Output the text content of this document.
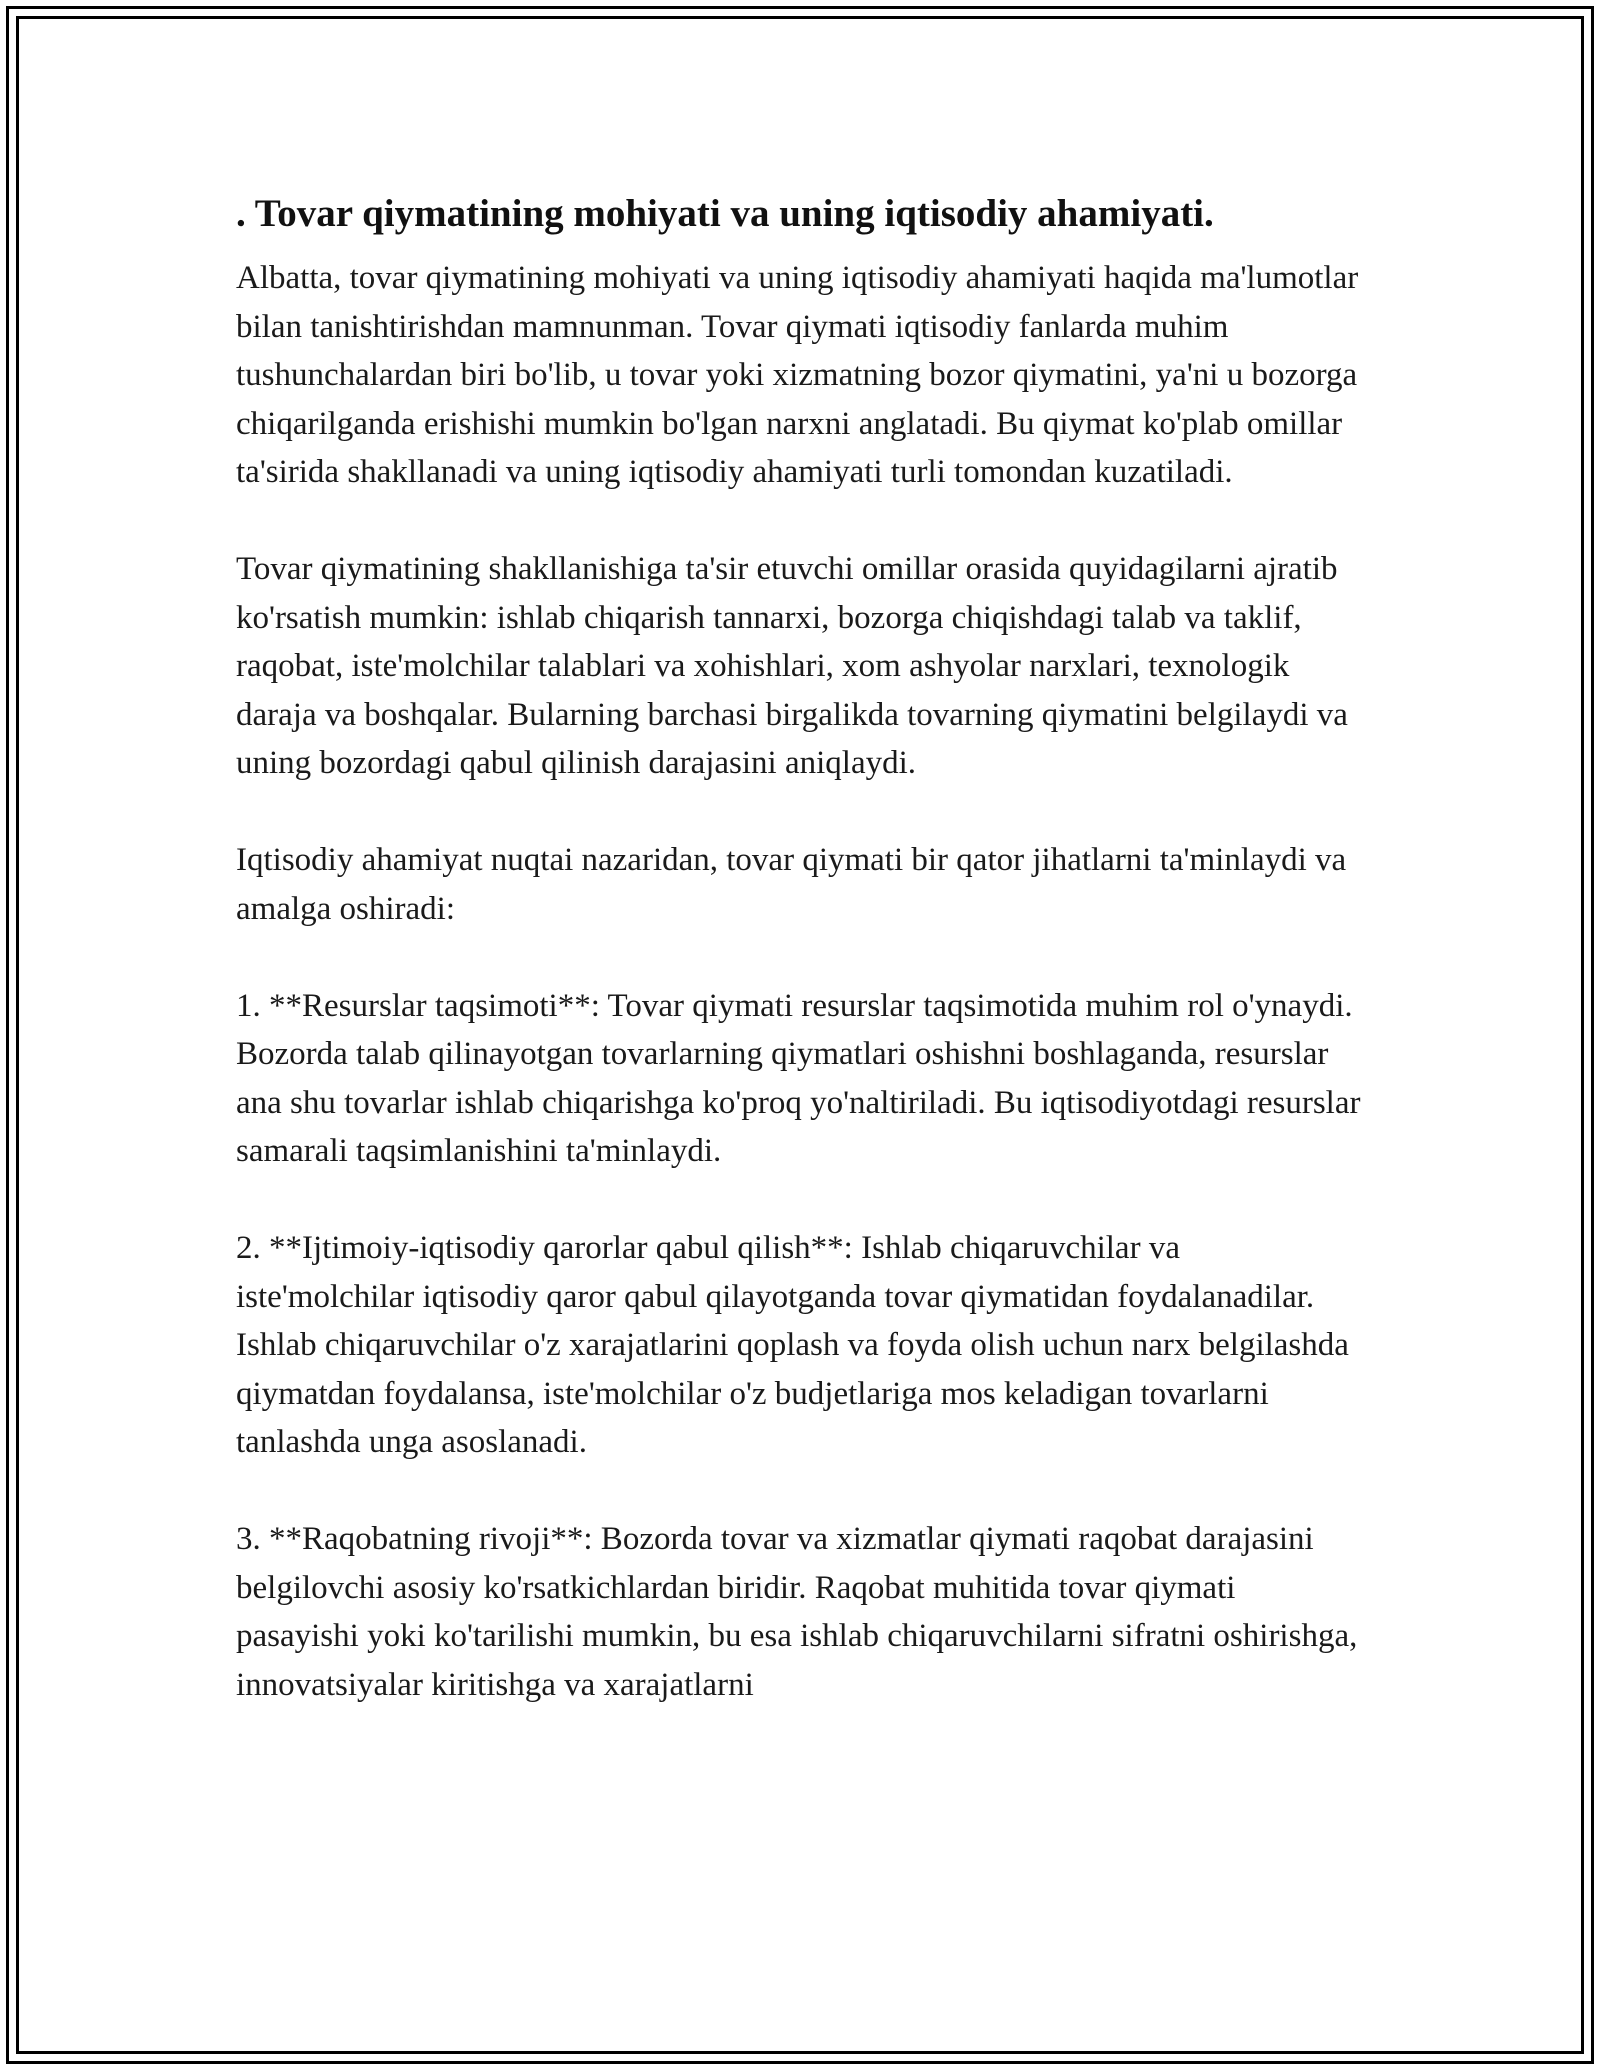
. Tovar qiymatining mohiyati va uning iqtisodiy ahamiyati.

Albatta, tovar qiymatining mohiyati va uning iqtisodiy ahamiyati haqida ma'lumotlar bilan tanishtirishdan mamnunman. Tovar qiymati iqtisodiy fanlarda muhim tushunchalardan biri bo'lib, u tovar yoki xizmatning bozor qiymatini, ya'ni u bozorga chiqarilganda erishishi mumkin bo'lgan narxni anglatadi. Bu qiymat ko'plab omillar ta'sirida shakllanadi va uning iqtisodiy ahamiyati turli tomondan kuzatiladi.

Tovar qiymatining shakllanishiga ta'sir etuvchi omillar orasida quyidagilarni ajratib ko'rsatish mumkin: ishlab chiqarish tannarxi, bozorga chiqishdagi talab va taklif, raqobat, iste'molchilar talablari va xohishlari, xom ashyolar narxlari, texnologik daraja va boshqalar. Bularning barchasi birgalikda tovarning qiymatini belgilaydi va uning bozordagi qabul qilinish darajasini aniqlaydi.

Iqtisodiy ahamiyat nuqtai nazaridan, tovar qiymati bir qator jihatlarni ta'minlaydi va amalga oshiradi:

1. **Resurslar taqsimoti**: Tovar qiymati resurslar taqsimotida muhim rol o'ynaydi. Bozorda talab qilinayotgan tovarlarning qiymatlari oshishni boshlaganda, resurslar ana shu tovarlar ishlab chiqarishga ko'proq yo'naltiriladi. Bu iqtisodiyotdagi resurslar samarali taqsimlanishini ta'minlaydi.

2. **Ijtimoiy-iqtisodiy qarorlar qabul qilish**: Ishlab chiqaruvchilar va iste'molchilar iqtisodiy qaror qabul qilayotganda tovar qiymatidan foydalanadilar. Ishlab chiqaruvchilar o'z xarajatlarini qoplash va foyda olish uchun narx belgilashda qiymatdan foydalansa, iste'molchilar o'z budjetlariga mos keladigan tovarlarni tanlashda unga asoslanadi.

3. **Raqobatning rivoji**: Bozorda tovar va xizmatlar qiymati raqobat darajasini belgilovchi asosiy ko'rsatkichlardan biridir. Raqobat muhitida tovar qiymati pasayishi yoki ko'tarilishi mumkin, bu esa ishlab chiqaruvchilarni sifratni oshirishga, innovatsiyalar kiritishga va xarajatlarni
